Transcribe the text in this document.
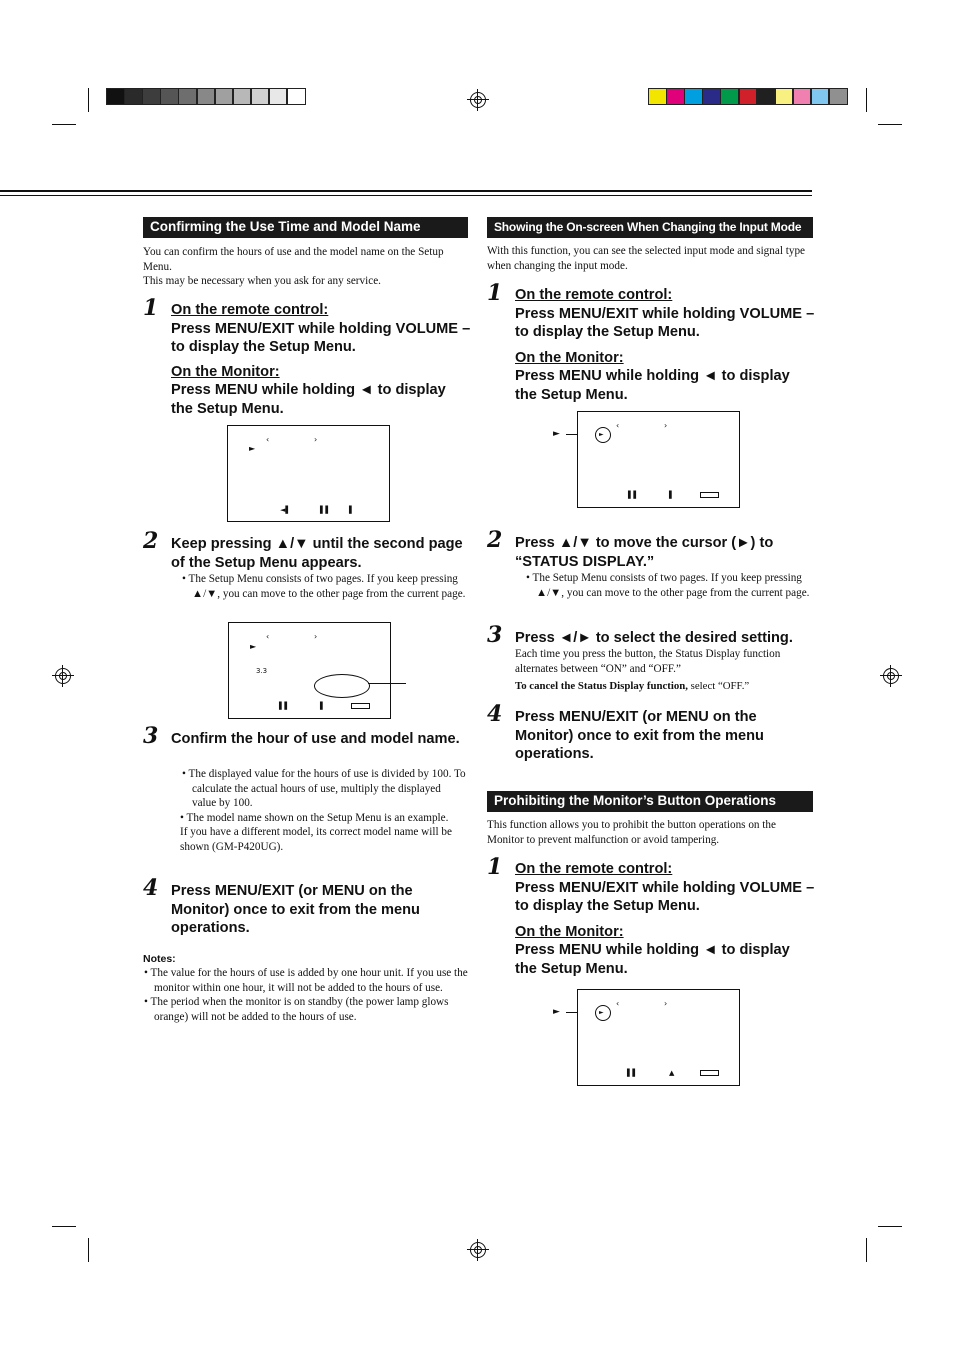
Confirming the Use Time and Model Name
You can confirm the hours of use and the model name on the Setup Menu.
This may be necessary when you ask for any service.
1 On the remote control:
Press MENU/EXIT while holding VOLUME – to display the Setup Menu.
On the Monitor:
Press MENU while holding ◄ to display the Setup Menu.
‹	›
►
◄▌	▌▌	▌
2 Keep pressing ▲/▼ until the second page of the Setup Menu appears.
• The Setup Menu consists of two pages. If you keep pressing ▲/▼, you can move to the other page from the current page.
‹	›
►
3.3
▌▌	▌
3 Confirm the hour of use and model name.
• The displayed value for the hours of use is divided by 100. To calculate the actual hours of use, multiply the displayed value by 100.
• The model name shown on the Setup Menu is an example.
If you have a different model, its correct model name will be shown (GM-P420UG).
4 Press MENU/EXIT (or MENU on the Monitor) once to exit from the menu operations.
Notes:
• The value for the hours of use is added by one hour unit. If you use the monitor within one hour, it will not be added to the hours of use.
• The period when the monitor is on standby (the power lamp glows orange) will not be added to the hours of use.
Showing the On-screen When Changing the Input Mode
With this function, you can see the selected input mode and signal type when changing the input mode.
1 On the remote control:
Press MENU/EXIT while holding VOLUME – to display the Setup Menu.
On the Monitor:
Press MENU while holding ◄ to display the Setup Menu.
►	►
‹	›
▌▌	▌
2 Press ▲/▼ to move the cursor (►) to “STATUS DISPLAY.”
• The Setup Menu consists of two pages. If you keep pressing ▲/▼, you can move to the other page from the current page.
3 Press ◄/► to select the desired setting.
Each time you press the button, the Status Display function alternates between “ON” and “OFF.”
To cancel the Status Display function, select “OFF.”
4 Press MENU/EXIT (or MENU on the Monitor) once to exit from the menu operations.
Prohibiting the Monitor’s Button Operations
This function allows you to prohibit the button operations on the Monitor to prevent malfunction or avoid tampering.
1 On the remote control:
Press MENU/EXIT while holding VOLUME – to display the Setup Menu.
On the Monitor:
Press MENU while holding ◄ to display the Setup Menu.
►	►
‹	›
▌▌	▲
